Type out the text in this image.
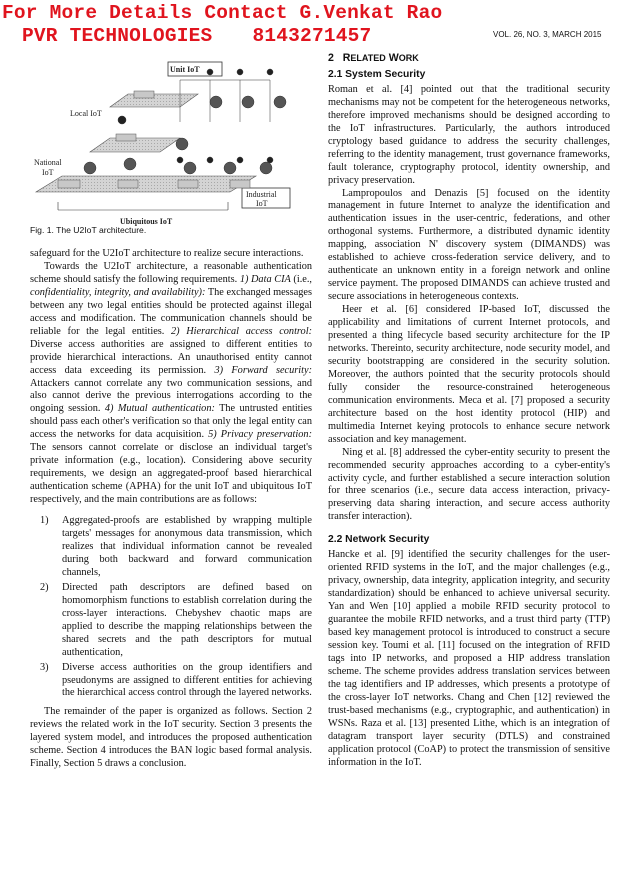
For More Details Contact G.Venkat Rao
PVR TECHNOLOGIES 8143271457	VOL. 26, NO. 3, MARCH 2015
Unit IoT
Local IoT
National
IoT
Industrial
IoT
Ubiquitous IoT
Fig. 1. The U2IoT architecture.

safeguard for the U2IoT architecture to realize secure interactions.

Towards the U2IoT architecture, a reasonable authentication scheme should satisfy the following requirements. 1) Data CIA (i.e., confidentiality, integrity, and availability): The exchanged messages between any two legal entities should be protected against illegal access and modification. The communication channels should be reliable for the legal entities. 2) Hierarchical access control: Diverse access authorities are assigned to different entities to provide hierarchical interactions. An unauthorised entity cannot access data exceeding its permission. 3) Forward security: Attackers cannot correlate any two communication sessions, and also cannot derive the previous interrogations according to the ongoing session. 4) Mutual authentication: The untrusted entities should pass each other's verification so that only the legal entity can access the networks for data acquisition. 5) Privacy preservation: The sensors cannot correlate or disclose an individual target's private information (e.g., location). Considering above security requirements, we design an aggregated-proof based hierarchical authentication scheme (APHA) for the unit IoT and ubiquitous IoT respectively, and the main contributions are as follows:

1) Aggregated-proofs are established by wrapping multiple targets' messages for anonymous data transmission, which realizes that individual information cannot be revealed during both backward and forward communication channels,
2) Directed path descriptors are defined based on homomorphism functions to establish correlation during the cross-layer interactions. Chebyshev chaotic maps are applied to describe the mapping relationships between the shared secrets and the path descriptors for mutual authentication,
3) Diverse access authorities on the group identifiers and pseudonyms are assigned to different entities for achieving the hierarchical access control through the layered networks.

The remainder of the paper is organized as follows. Section 2 reviews the related work in the IoT security. Section 3 presents the layered system model, and introduces the proposed authentication scheme. Section 4 introduces the BAN logic based formal analysis. Finally, Section 5 draws a conclusion.

2 RELATED WORK
2.1 System Security

Roman et al. [4] pointed out that the traditional security mechanisms may not be competent for the heterogeneous networks, therefore improved mechanisms should be designed according to the IoT infrastructures. Particularly, the authors introduced cryptology based guidance to address the security challenges, referring to the identity management, trust governance frameworks, fault tolerance, cryptography protocol, identity ownership, and privacy preservation.

Lampropoulos and Denazis [5] focused on the identity management in future Internet to analyze the identification and authentication issues in the user-centric, federations, and other orthogonal systems. Furthermore, a distributed dynamic identity mapping, association N' discovery system (DIMANDS) was established to achieve cross-federation service delivery, and to authenticate an unknown entity in a foreign network and online service payment. The proposed DIMANDS can achieve trusted and secure associations in heterogeneous contexts.

Heer et al. [6] considered IP-based IoT, discussed the applicability and limitations of current Internet protocols, and presented a thing lifecycle based security architecture for the IP networks. Thereinto, security architecture, node security model, and security bootstrapping are considered in the security solution. Moreover, the authors pointed that the security protocols should fully consider the resource-constrained heterogeneous communication environments. Meca et al. [7] proposed a security architecture based on the host identity protocol (HIP) and multimedia Internet keying protocols to enhance secure network association and key management.

Ning et al. [8] addressed the cyber-entity security to present the recommended security approaches according to a cyber-entity's activity cycle, and further established a secure interaction solution for three scenarios (i.e., secure data access interaction, privacy-preserving data sharing interaction, and secure access authority transfer interaction).

2.2 Network Security

Hancke et al. [9] identified the security challenges for the user-oriented RFID systems in the IoT, and the major challenges (e.g., privacy, ownership, data integrity, application integrity, and security standardization) should be enhanced to achieve universal security. Yan and Wen [10] applied a mobile RFID security protocol to guarantee the mobile RFID networks, and a trust third party (TTP) based key management protocol is introduced to construct a secure session key. Toumi et al. [11] focused on the integration of RFID tags into IP networks, and proposed a HIP address translation scheme. The scheme provides address translation services between the tag identifiers and IP addresses, which presents a prototype of the cross-layer IoT networks. Chang and Chen [12] reviewed the trust-based mechanisms (e.g., cryptographic, and authentication) in WSNs. Raza et al. [13] presented Lithe, which is an integration of datagram transport layer security (DTLS) and constrained application protocol (CoAP) to protect the transmission of sensitive information in the IoT.
